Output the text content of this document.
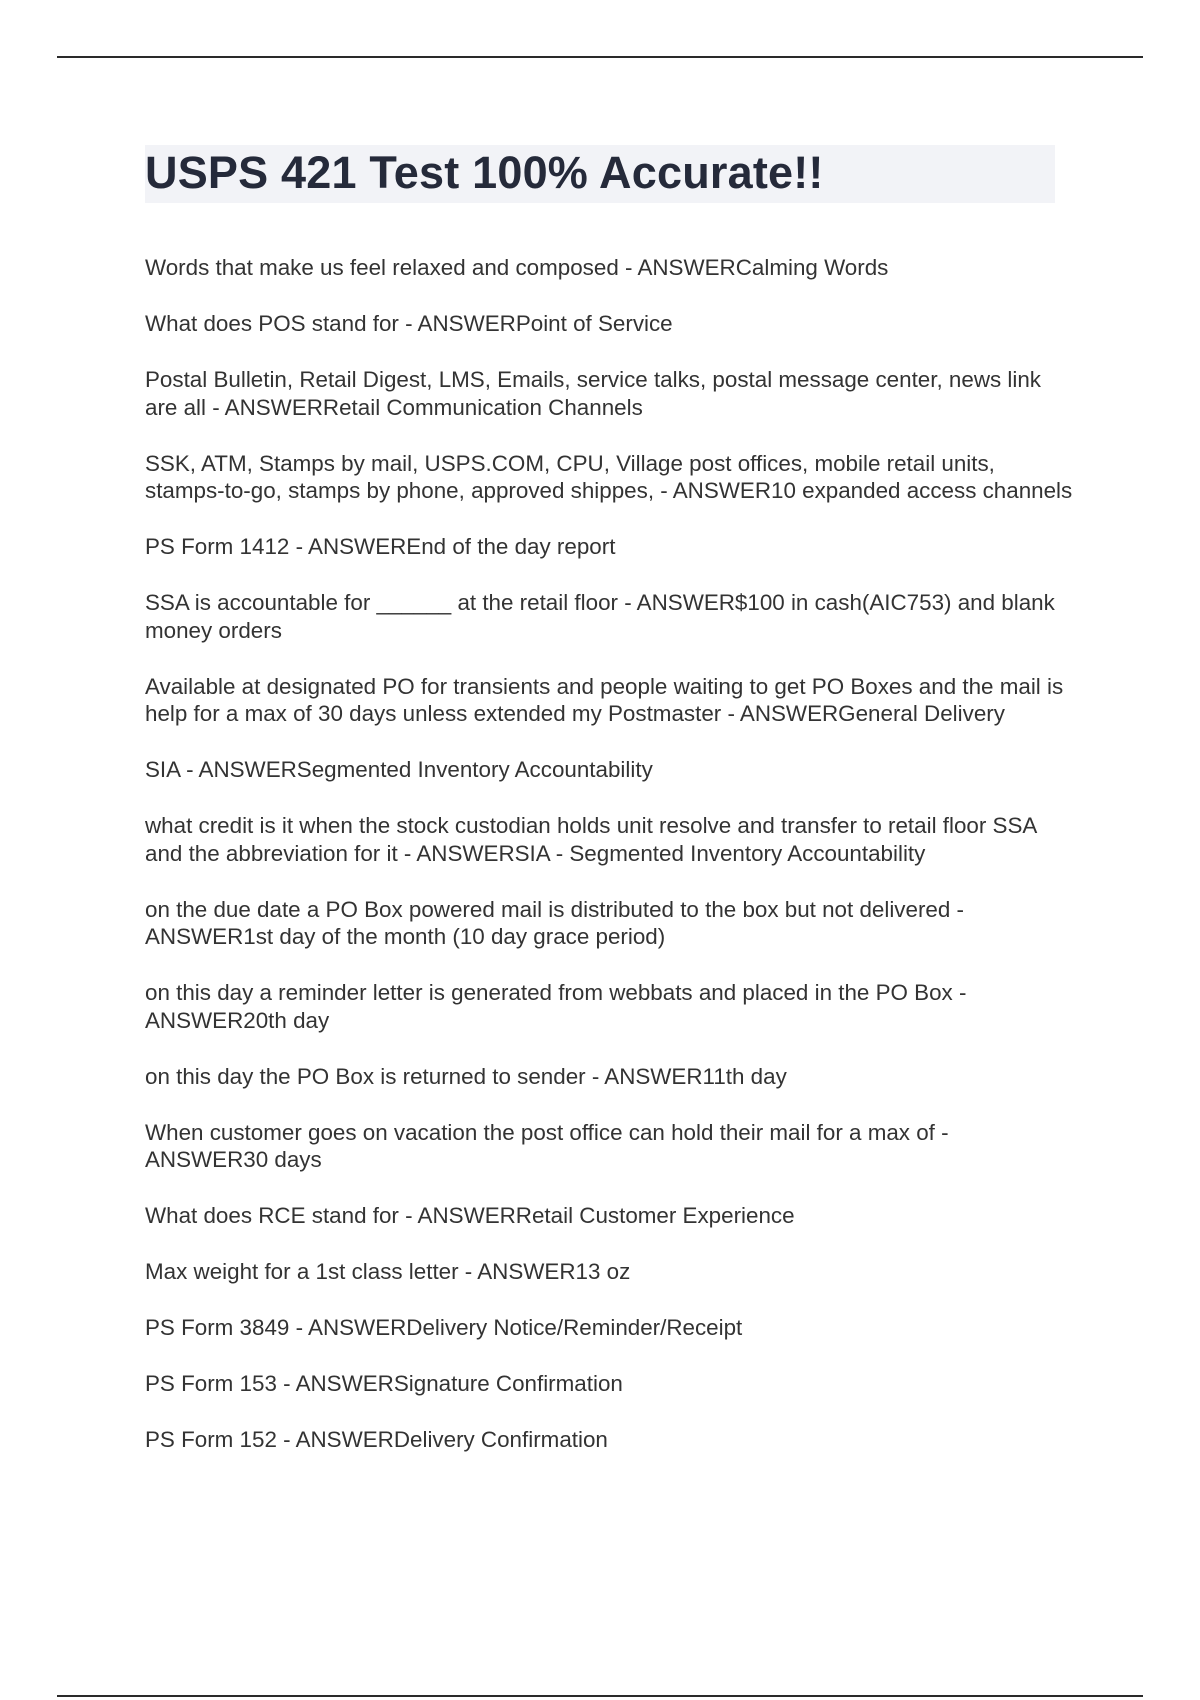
USPS 421 Test 100% Accurate!!
Words that make us feel relaxed and composed - ANSWERCalming Words
What does POS stand for - ANSWERPoint of Service
Postal Bulletin, Retail Digest, LMS, Emails, service talks, postal message center, news link are all - ANSWERRetail Communication Channels
SSK, ATM, Stamps by mail, USPS.COM, CPU, Village post offices, mobile retail units, stamps-to-go, stamps by phone, approved shippes, - ANSWER10 expanded access channels
PS Form 1412 - ANSWEREnd of the day report
SSA is accountable for ______ at the retail floor - ANSWER$100 in cash(AIC753) and blank money orders
Available at designated PO for transients and people waiting to get PO Boxes and the mail is help for a max of 30 days unless extended my Postmaster - ANSWERGeneral Delivery
SIA - ANSWERSegmented Inventory Accountability
what credit is it when the stock custodian holds unit resolve and transfer to retail floor SSA and the abbreviation for it - ANSWERSIA - Segmented Inventory Accountability
on the due date a PO Box powered mail is distributed to the box but not delivered - ANSWER1st day of the month (10 day grace period)
on this day a reminder letter is generated from webbats and placed in the PO Box - ANSWER20th day
on this day the PO Box is returned to sender - ANSWER11th day
When customer goes on vacation the post office can hold their mail for a max of - ANSWER30 days
What does RCE stand for - ANSWERRetail Customer Experience
Max weight for a 1st class letter - ANSWER13 oz
PS Form 3849 - ANSWERDelivery Notice/Reminder/Receipt
PS Form 153 - ANSWERSignature Confirmation
PS Form 152 - ANSWERDelivery Confirmation
